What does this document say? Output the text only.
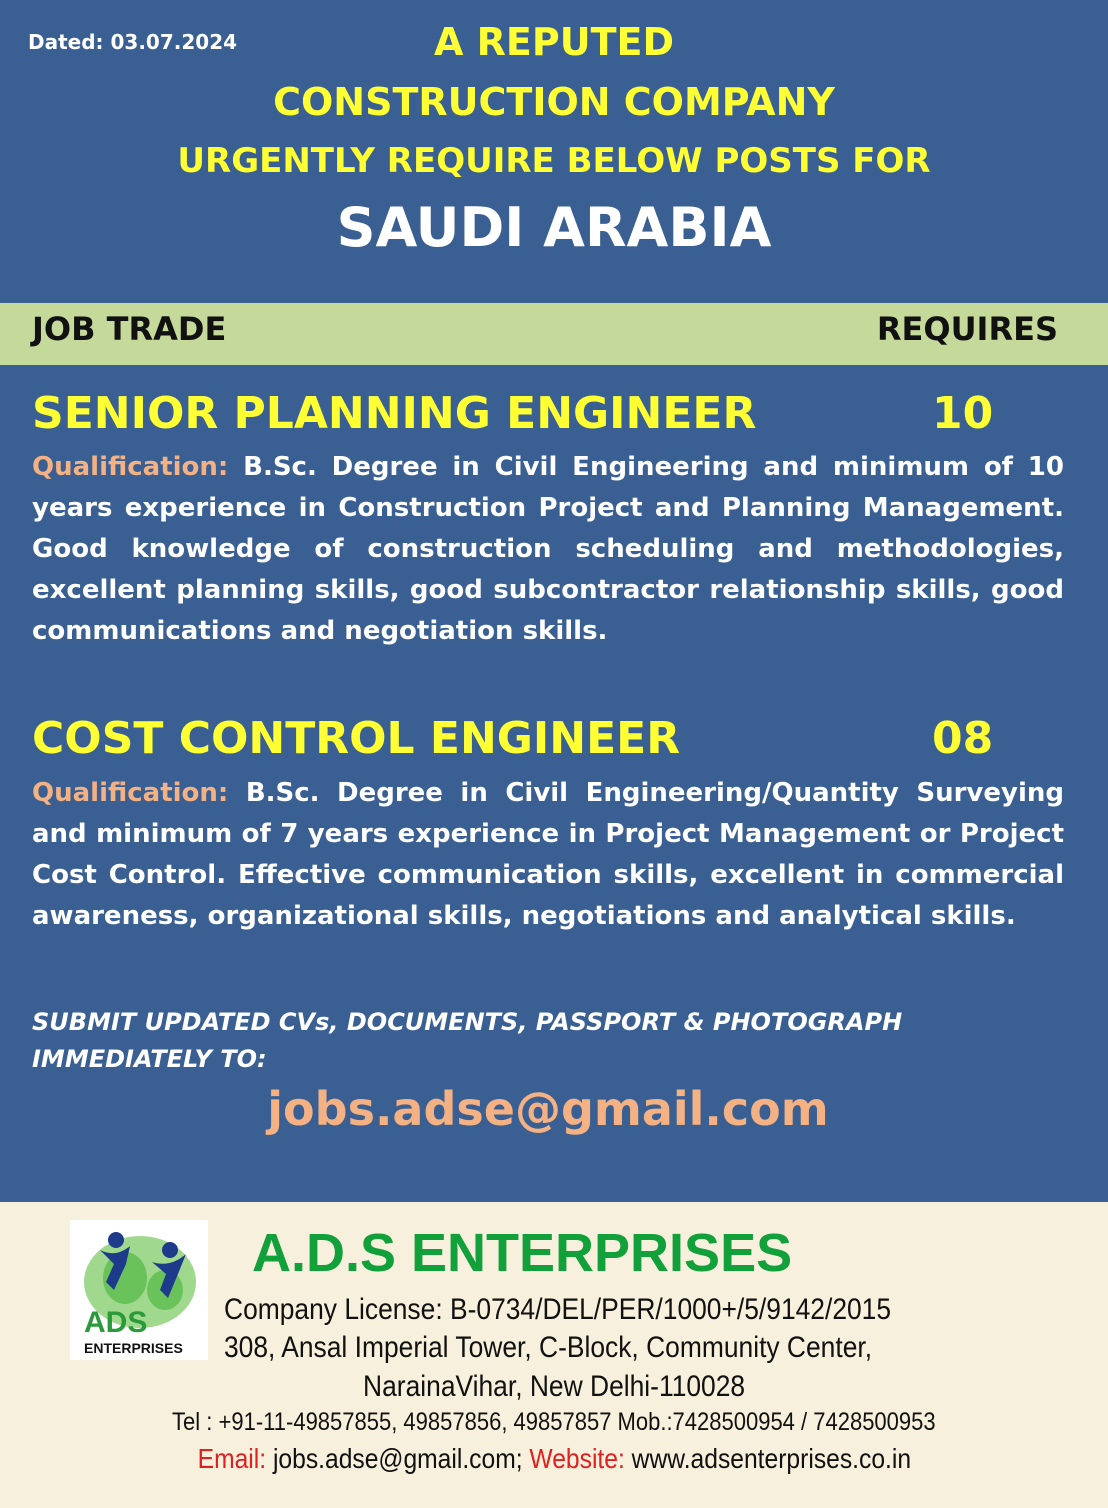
Dated: 03.07.2024	A REPUTED
CONSTRUCTION COMPANY
URGENTLY REQUIRE BELOW POSTS FOR
SAUDI ARABIA
JOB TRADE	REQUIRES
SENIOR PLANNING ENGINEER	10
Qualification: B.Sc. Degree in Civil Engineering and minimum of 10 years experience in Construction Project and Planning Management. Good knowledge of construction scheduling and methodologies, excellent planning skills, good subcontractor relationship skills, good communications and negotiation skills.
COST CONTROL ENGINEER	08
Qualification: B.Sc. Degree in Civil Engineering/Quantity Surveying and minimum of 7 years experience in Project Management or Project Cost Control. Effective communication skills, excellent in commercial awareness, organizational skills, negotiations and analytical skills.
SUBMIT UPDATED CVs, DOCUMENTS, PASSPORT & PHOTOGRAPH IMMEDIATELY TO:
jobs.adse@gmail.com
ADS
ENTERPRISES
A.D.S ENTERPRISES
Company License: B-0734/DEL/PER/1000+/5/9142/2015
308, Ansal Imperial Tower, C-Block, Community Center,
NarainaVihar, New Delhi-110028
Tel : +91-11-49857855, 49857856, 49857857 Mob.:7428500954 / 7428500953
Email: jobs.adse@gmail.com; Website: www.adsenterprises.co.in
